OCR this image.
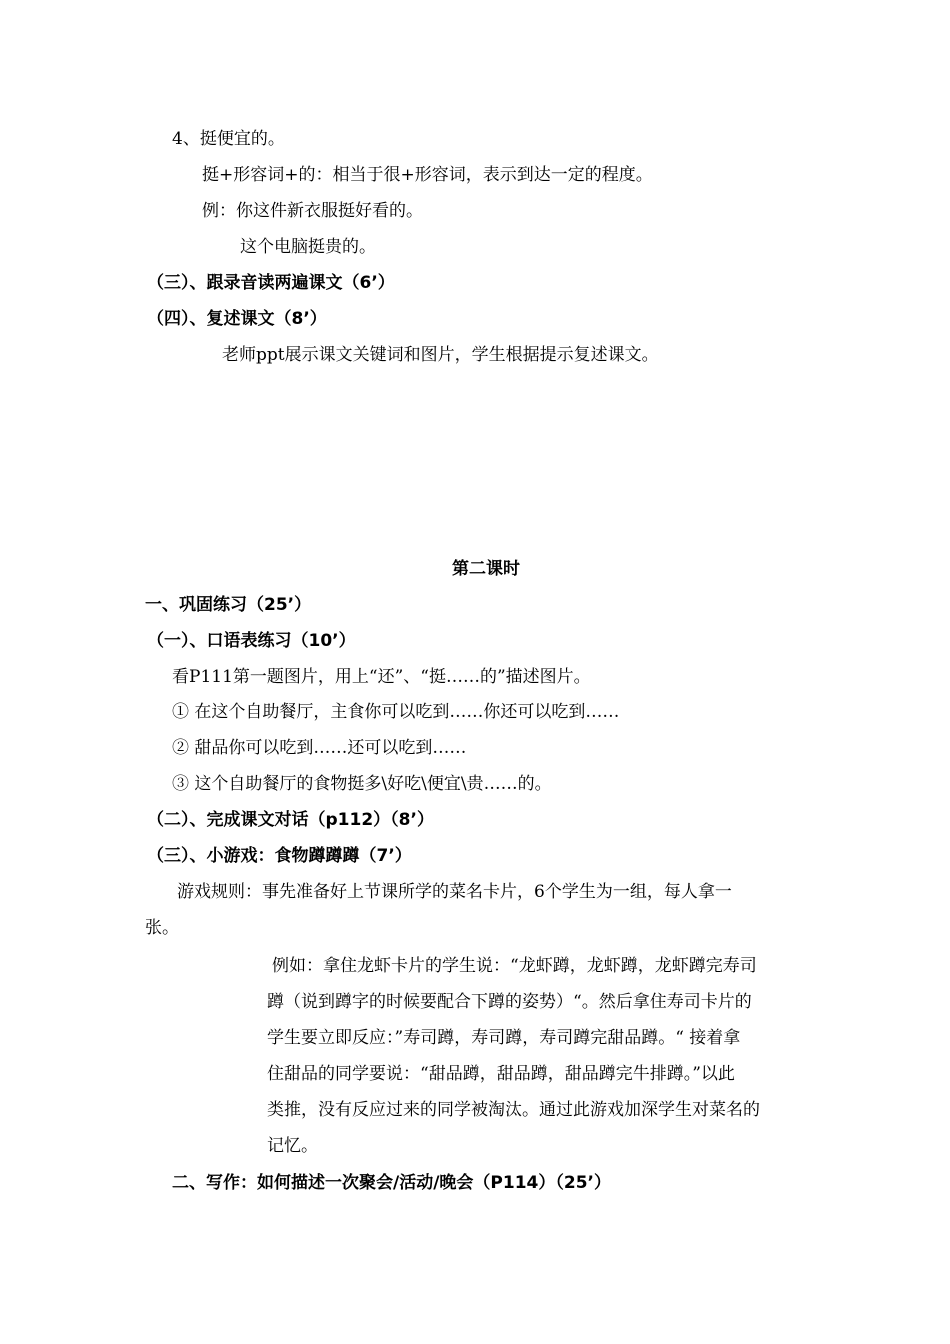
4、挺便宜的。
挺+形容词+的：相当于很+形容词，表示到达一定的程度。
例：你这件新衣服挺好看的。
这个电脑挺贵的。
（三）、跟录音读两遍课文（6’）
（四）、复述课文（8’）
老师ppt展示课文关键词和图片，学生根据提示复述课文。
第二课时
一、巩固练习（25’）
（一）、口语表练习（10’）
看P111第一题图片，用上“还”、“挺……的”描述图片。
① 在这个自助餐厅，主食你可以吃到……你还可以吃到……
② 甜品你可以吃到……还可以吃到……
③ 这个自助餐厅的食物挺多\好吃\便宜\贵……的。
（二）、完成课文对话（p112）（8’）
（三）、小游戏：食物蹲蹲蹲（7’）
游戏规则：事先准备好上节课所学的菜名卡片，6个学生为一组，每人拿一
张。
例如：拿住龙虾卡片的学生说：“龙虾蹲，龙虾蹲，龙虾蹲完寿司
蹲（说到蹲字的时候要配合下蹲的姿势）“。然后拿住寿司卡片的
学生要立即反应：”寿司蹲，寿司蹲，寿司蹲完甜品蹲。“ 接着拿
住甜品的同学要说：“甜品蹲，甜品蹲，甜品蹲完牛排蹲。”以此
类推，没有反应过来的同学被淘汰。通过此游戏加深学生对菜名的
记忆。
二、写作：如何描述一次聚会/活动/晚会（P114）（25’）
